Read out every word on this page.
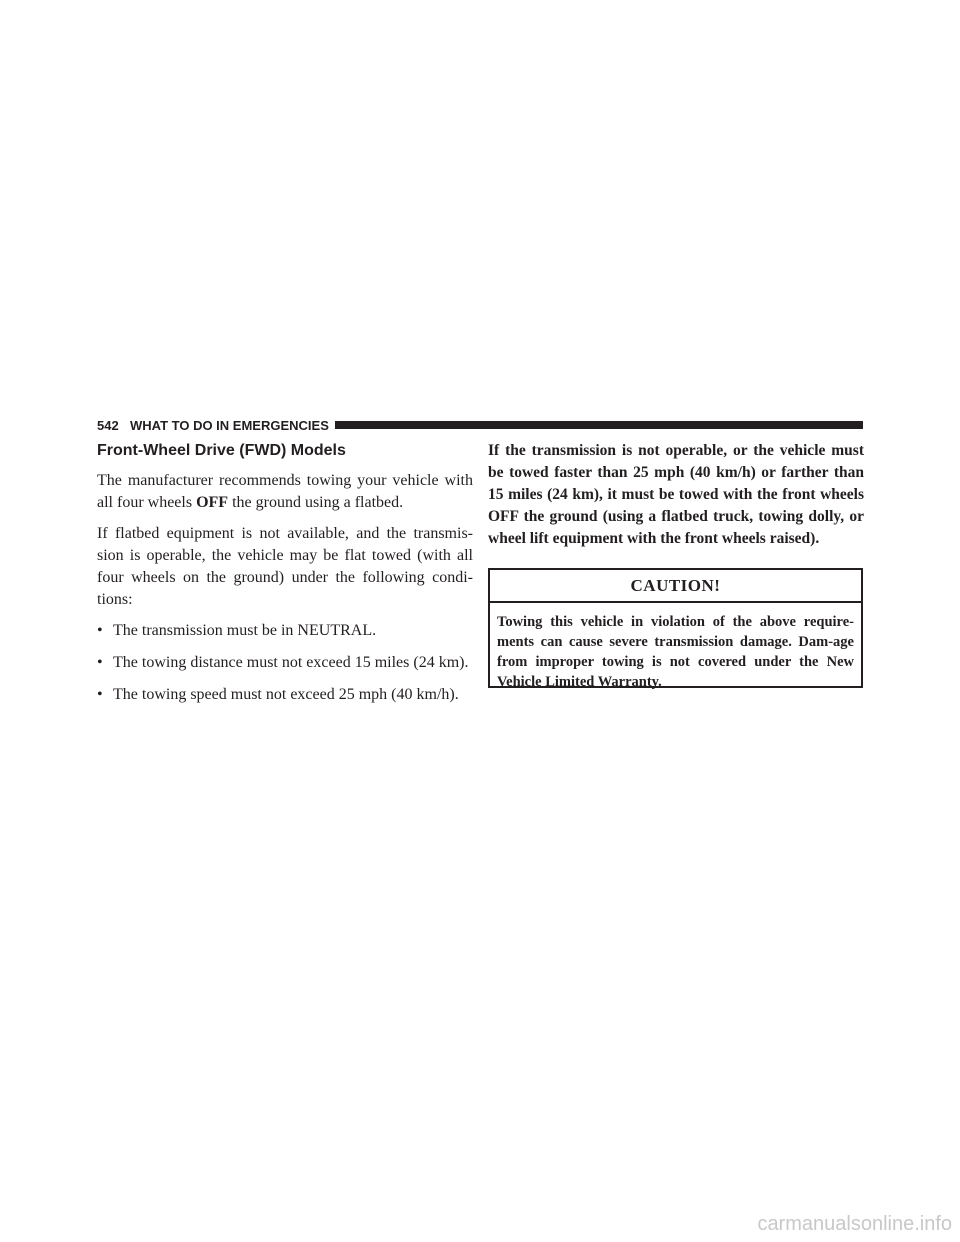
542 WHAT TO DO IN EMERGENCIES
Front-Wheel Drive (FWD) Models

The manufacturer recommends towing your vehicle with all four wheels OFF the ground using a flatbed.

If flatbed equipment is not available, and the transmis-sion is operable, the vehicle may be flat towed (with all four wheels on the ground) under the following condi-tions:

• The transmission must be in NEUTRAL.
• The towing distance must not exceed 15 miles (24 km).
• The towing speed must not exceed 25 mph (40 km/h).

If the transmission is not operable, or the vehicle must be towed faster than 25 mph (40 km/h) or farther than 15 miles (24 km), it must be towed with the front wheels OFF the ground (using a flatbed truck, towing dolly, or wheel lift equipment with the front wheels raised).

CAUTION!
Towing this vehicle in violation of the above require-ments can cause severe transmission damage. Dam-age from improper towing is not covered under the New Vehicle Limited Warranty.
carmanualsonline.info
